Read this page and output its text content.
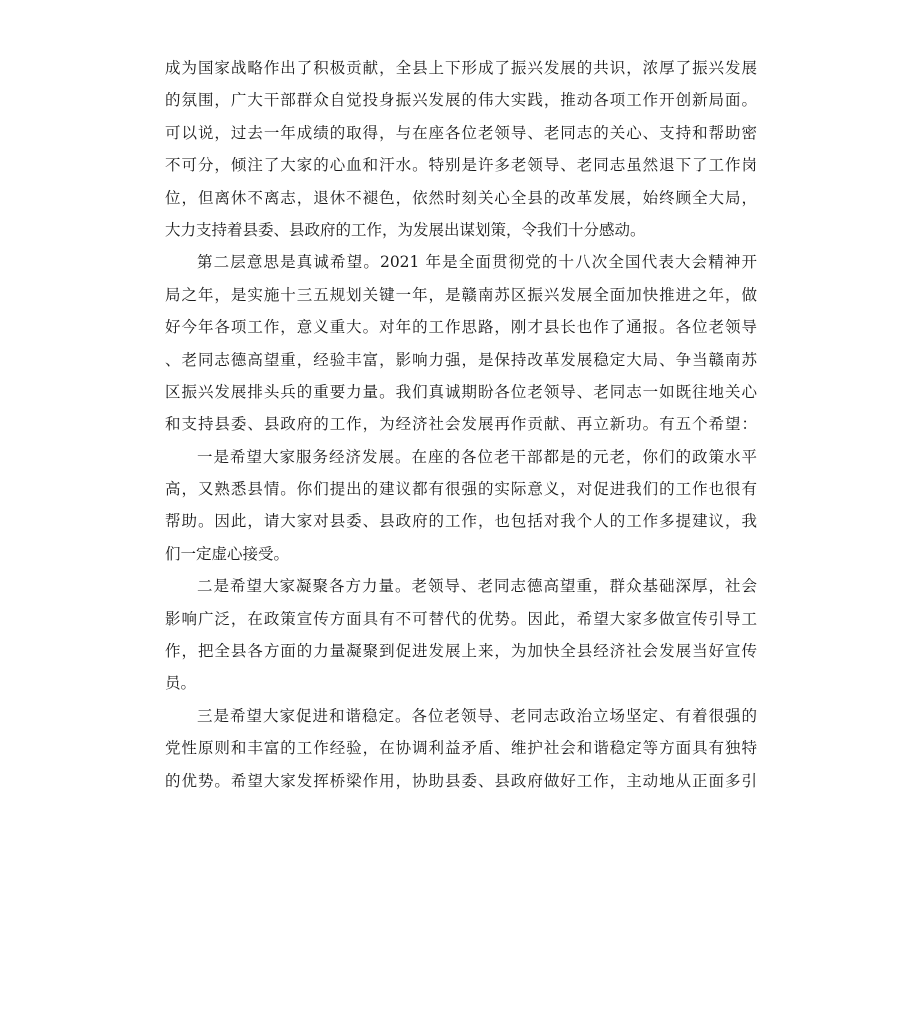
成为国家战略作出了积极贡献，全县上下形成了振兴发展的共识，浓厚了振兴发展
的氛围，广大干部群众自觉投身振兴发展的伟大实践，推动各项工作开创新局面。
可以说，过去一年成绩的取得，与在座各位老领导、老同志的关心、支持和帮助密
不可分，倾注了大家的心血和汗水。特别是许多老领导、老同志虽然退下了工作岗
位，但离休不离志，退休不褪色，依然时刻关心全县的改革发展，始终顾全大局，
大力支持着县委、县政府的工作，为发展出谋划策，令我们十分感动。
第二层意思是真诚希望。2021 年是全面贯彻党的十八次全国代表大会精神开
局之年，是实施十三五规划关键一年，是赣南苏区振兴发展全面加快推进之年，做
好今年各项工作，意义重大。对年的工作思路，刚才县长也作了通报。各位老领导
、老同志德高望重，经验丰富，影响力强，是保持改革发展稳定大局、争当赣南苏
区振兴发展排头兵的重要力量。我们真诚期盼各位老领导、老同志一如既往地关心
和支持县委、县政府的工作，为经济社会发展再作贡献、再立新功。有五个希望：
一是希望大家服务经济发展。在座的各位老干部都是的元老，你们的政策水平
高，又熟悉县情。你们提出的建议都有很强的实际意义，对促进我们的工作也很有
帮助。因此，请大家对县委、县政府的工作，也包括对我个人的工作多提建议，我
们一定虚心接受。
二是希望大家凝聚各方力量。老领导、老同志德高望重，群众基础深厚，社会
影响广泛，在政策宣传方面具有不可替代的优势。因此，希望大家多做宣传引导工
作，把全县各方面的力量凝聚到促进发展上来，为加快全县经济社会发展当好宣传
员。
三是希望大家促进和谐稳定。各位老领导、老同志政治立场坚定、有着很强的
党性原则和丰富的工作经验，在协调利益矛盾、维护社会和谐稳定等方面具有独特
的优势。希望大家发挥桥梁作用，协助县委、县政府做好工作，主动地从正面多引
